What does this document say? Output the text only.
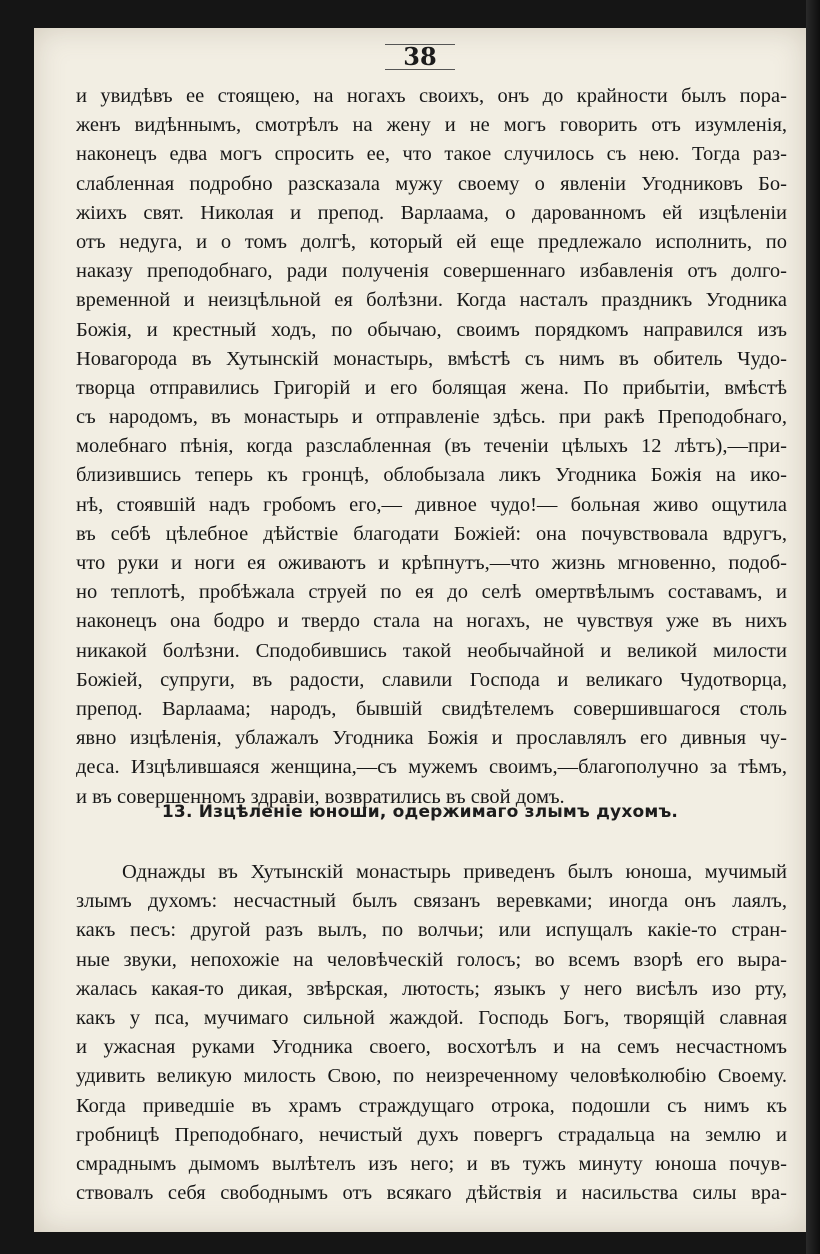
38
и увидѣвъ ее стоящею, на ногахъ своихъ, онъ до крайности былъ пора-
женъ видѣннымъ, смотрѣлъ на жену и не могъ говорить отъ изумленія,
наконецъ едва могъ спросить ее, что такое случилось съ нею. Тогда раз-
слабленная подробно разсказала мужу своему о явленіи Угодниковъ Бо-
жіихъ свят. Николая и препод. Варлаама, о дарованномъ ей изцѣленіи
отъ недуга, и о томъ долгѣ, который ей еще предлежало исполнить, по
наказу преподобнаго, ради полученія совершеннаго избавленія отъ долго-
временной и неизцѣльной ея болѣзни. Когда насталъ праздникъ Угодника
Божія, и крестный ходъ, по обычаю, своимъ порядкомъ направился изъ
Новагорода въ Хутынскій монастырь, вмѣстѣ съ нимъ въ обитель Чудо-
творца отправились Григорій и его болящая жена. По прибытіи, вмѣстѣ
съ народомъ, въ монастырь и отправленіе здѣсь. при ракѣ Преподобнаго,
молебнаго пѣнія, когда разслабленная (въ теченіи цѣлыхъ 12 лѣтъ),—при-
близившись теперь къ гронцѣ, облобызала ликъ Угодника Божія на ико-
нѣ, стоявшій надъ гробомъ его,— дивное чудо!— больная живо ощутила
въ себѣ цѣлебное дѣйствіе благодати Божіей: она почувствовала вдругъ,
что руки и ноги ея оживаютъ и крѣпнутъ,—что жизнь мгновенно, подоб-
но теплотѣ, пробѣжала струей по ея до селѣ омертвѣлымъ составамъ, и
наконецъ она бодро и твердо стала на ногахъ, не чувствуя уже въ нихъ
никакой болѣзни. Сподобившись такой необычайной и великой милости
Божіей, супруги, въ радости, славили Господа и великаго Чудотворца,
препод. Варлаама; народъ, бывшій свидѣтелемъ совершившагося столь
явно изцѣленія, ублажалъ Угодника Божія и прославлялъ его дивныя чу-
деса. Изцѣлившаяся женщина,—съ мужемъ своимъ,—благополучно за тѣмъ,
и въ совершенномъ здравіи, возвратились въ свой домъ.
13. Изцѣленіе юноши, одержимаго злымъ духомъ.
Однажды въ Хутынскій монастырь приведенъ былъ юноша, мучимый
злымъ духомъ: несчастный былъ связанъ веревками; иногда онъ лаялъ,
какъ песъ: другой разъ вылъ, по волчьи; или испущалъ какіе-то стран-
ные звуки, непохожіе на человѣческій голосъ; во всемъ взорѣ его выра-
жалась какая-то дикая, звѣрская, лютость; языкъ у него висѣлъ изо рту,
какъ у пса, мучимаго сильной жаждой. Господь Богъ, творящій славная
и ужасная руками Угодника своего, восхотѣлъ и на семъ несчастномъ
удивить великую милость Свою, по неизреченному человѣколюбію Своему.
Когда приведшіе въ храмъ страждущаго отрока, подошли съ нимъ къ
гробницѣ Преподобнаго, нечистый духъ повергъ страдальца на землю и
смраднымъ дымомъ вылѣтелъ изъ него; и въ тужъ минуту юноша почув-
ствовалъ себя свободнымъ отъ всякаго дѣйствія и насильства силы вра-
